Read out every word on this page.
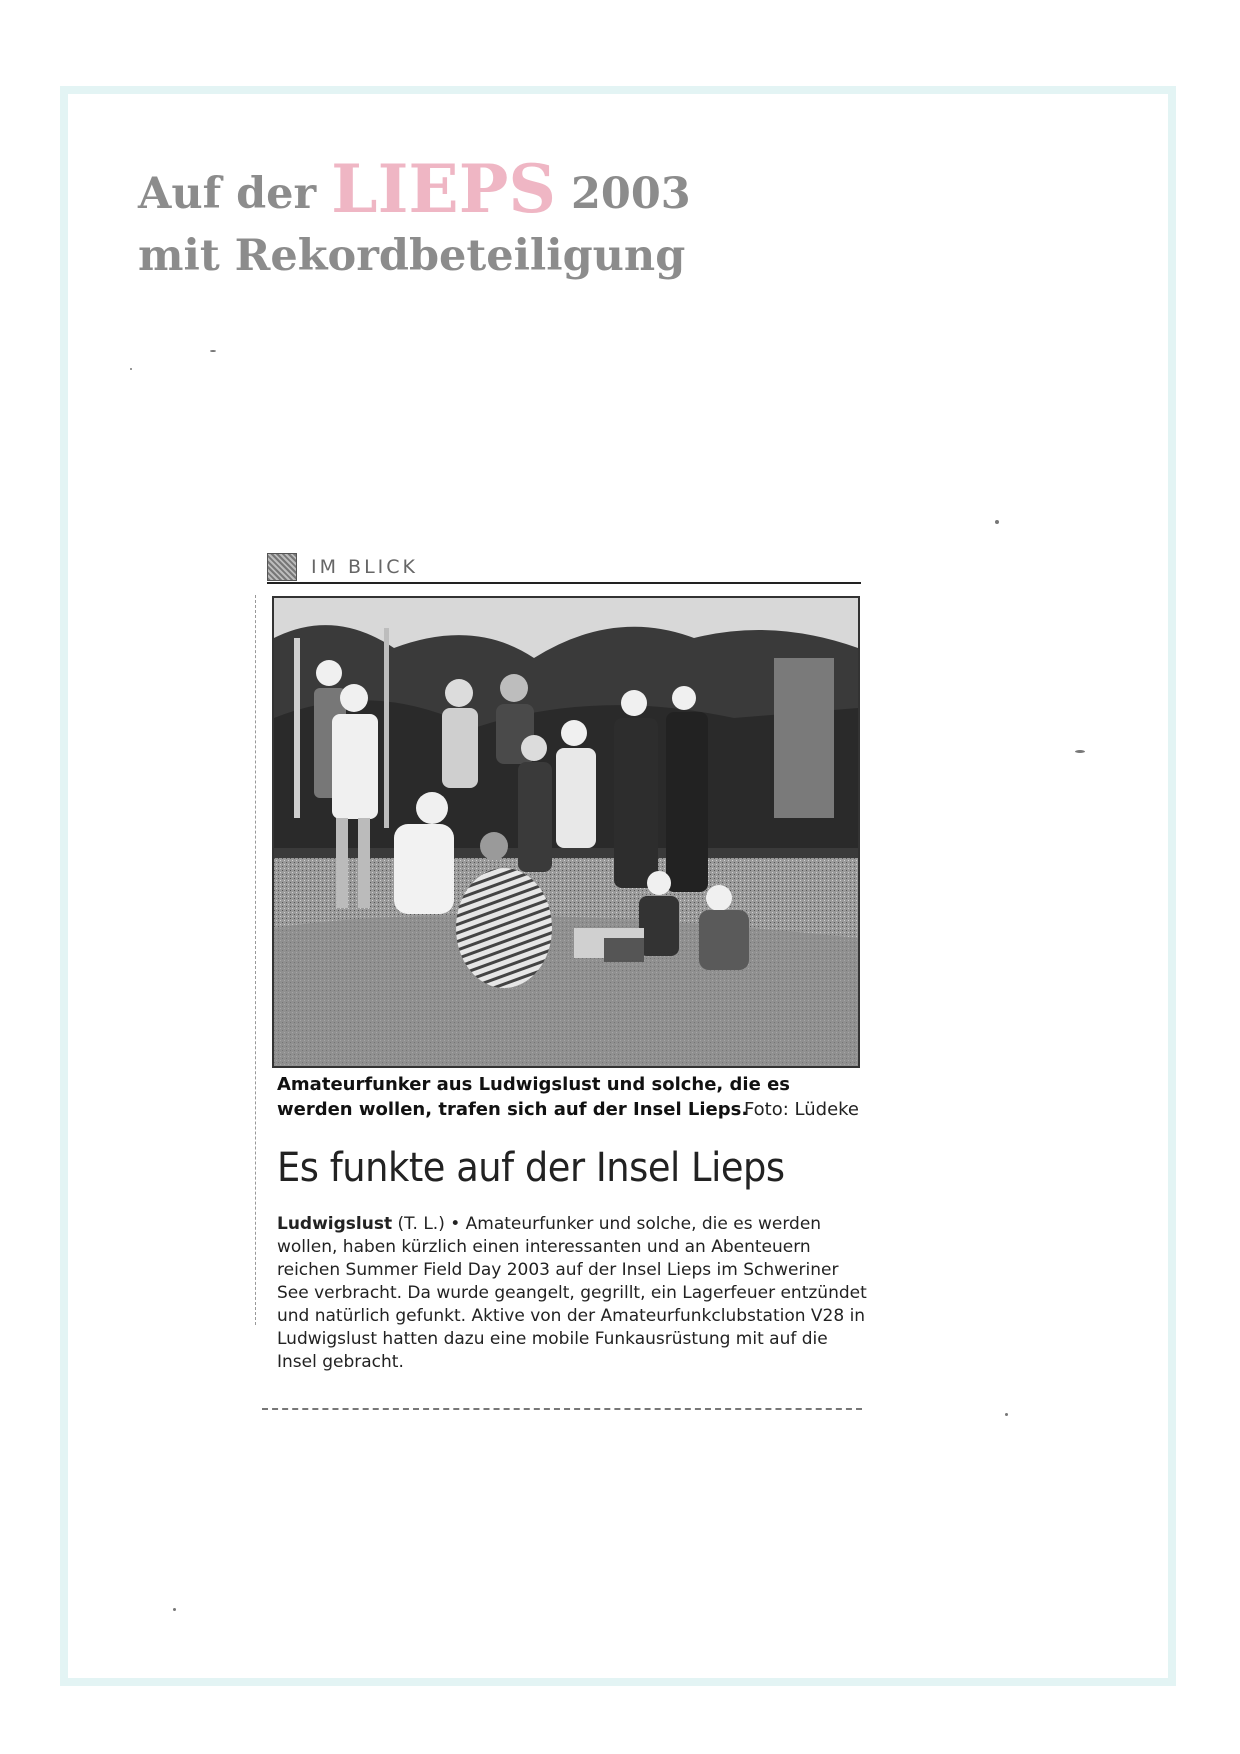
Auf der LIEPS 2003
mit Rekordbeteiligung
IM BLICK
Amateurfunker aus Ludwigslust und solche, die es werden wollen, trafen sich auf der Insel Lieps.
Foto: Lüdeke
Es funkte auf der Insel Lieps
Ludwigslust (T. L.) • Amateurfunker und solche, die es werden wollen, haben kürzlich einen interessanten und an Abenteuern reichen Summer Field Day 2003 auf der Insel Lieps im Schweriner See verbracht. Da wurde geangelt, gegrillt, ein Lagerfeuer entzündet und natürlich gefunkt. Aktive von der Amateurfunkclubstation V28 in Ludwigslust hatten dazu eine mobile Funkausrüstung mit auf die Insel gebracht.
